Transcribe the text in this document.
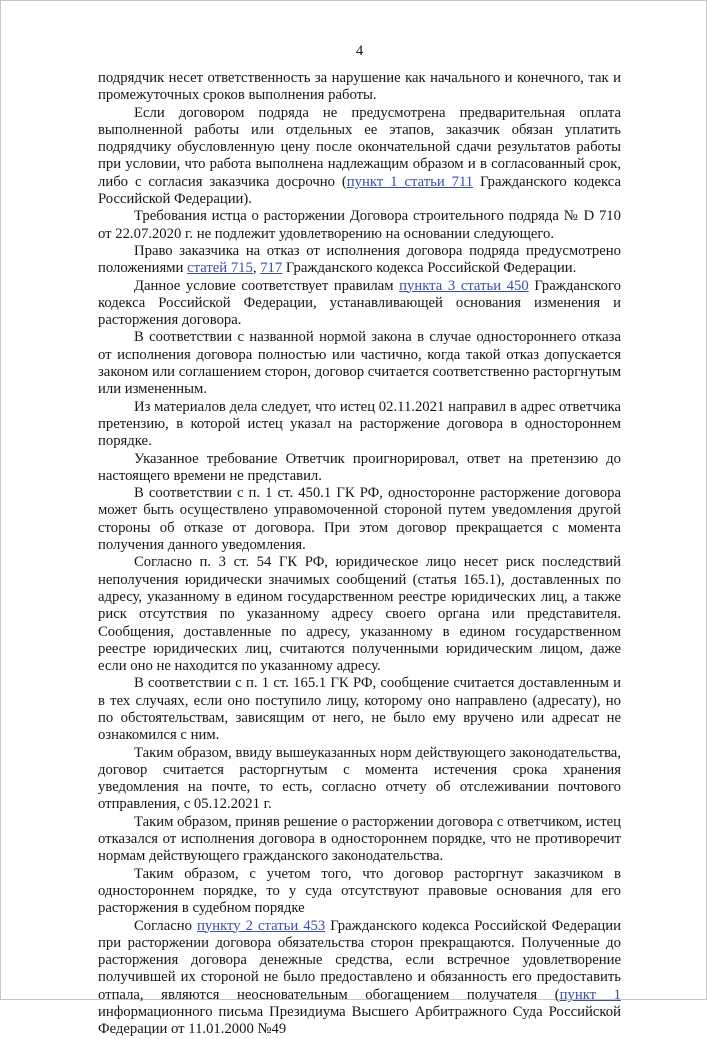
4

подрядчик несет ответственность за нарушение как начального и конечного, так и промежуточных сроков выполнения работы.

Если договором подряда не предусмотрена предварительная оплата выполненной работы или отдельных ее этапов, заказчик обязан уплатить подрядчику обусловленную цену после окончательной сдачи результатов работы при условии, что работа выполнена надлежащим образом и в согласованный срок, либо с согласия заказчика досрочно (пункт 1 статьи 711 Гражданского кодекса Российской Федерации).

Требования истца о расторжении Договора строительного подряда № D 710 от 22.07.2020 г. не подлежит удовлетворению на основании следующего.

Право заказчика на отказ от исполнения договора подряда предусмотрено положениями статей 715, 717 Гражданского кодекса Российской Федерации.

Данное условие соответствует правилам пункта 3 статьи 450 Гражданского кодекса Российской Федерации, устанавливающей основания изменения и расторжения договора.

В соответствии с названной нормой закона в случае одностороннего отказа от исполнения договора полностью или частично, когда такой отказ допускается законом или соглашением сторон, договор считается соответственно расторгнутым или измененным.

Из материалов дела следует, что истец 02.11.2021 направил в адрес ответчика претензию, в которой истец указал на расторжение договора в одностороннем порядке.

Указанное требование Ответчик проигнорировал, ответ на претензию до настоящего времени не представил.

В соответствии с п. 1 ст. 450.1 ГК РФ, односторонне расторжение договора может быть осуществлено управомоченной стороной путем уведомления другой стороны об отказе от договора. При этом договор прекращается с момента получения данного уведомления.

Согласно п. 3 ст. 54 ГК РФ, юридическое лицо несет риск последствий неполучения юридически значимых сообщений (статья 165.1), доставленных по адресу, указанному в едином государственном реестре юридических лиц, а также риск отсутствия по указанному адресу своего органа или представителя. Сообщения, доставленные по адресу, указанному в едином государственном реестре юридических лиц, считаются полученными юридическим лицом, даже если оно не находится по указанному адресу.

В соответствии с п. 1 ст. 165.1 ГК РФ, сообщение считается доставленным и в тех случаях, если оно поступило лицу, которому оно направлено (адресату), но по обстоятельствам, зависящим от него, не было ему вручено или адресат не ознакомился с ним.

Таким образом, ввиду вышеуказанных норм действующего законодательства, договор считается расторгнутым с момента истечения срока хранения уведомления на почте, то есть, согласно отчету об отслеживании почтового отправления, с 05.12.2021 г.

Таким образом, приняв решение о расторжении договора с ответчиком, истец отказался от исполнения договора в одностороннем порядке, что не противоречит нормам действующего гражданского законодательства.

Таким образом, с учетом того, что договор расторгнут заказчиком в одностороннем порядке, то у суда отсутствуют правовые основания для его расторжения в судебном порядке

Согласно пункту 2 статьи 453 Гражданского кодекса Российской Федерации при расторжении договора обязательства сторон прекращаются. Полученные до расторжения договора денежные средства, если встречное удовлетворение получившей их стороной не было предоставлено и обязанность его предоставить отпала, являются неосновательным обогащением получателя (пункт 1 информационного письма Президиума Высшего Арбитражного Суда Российской Федерации от 11.01.2000 №49
